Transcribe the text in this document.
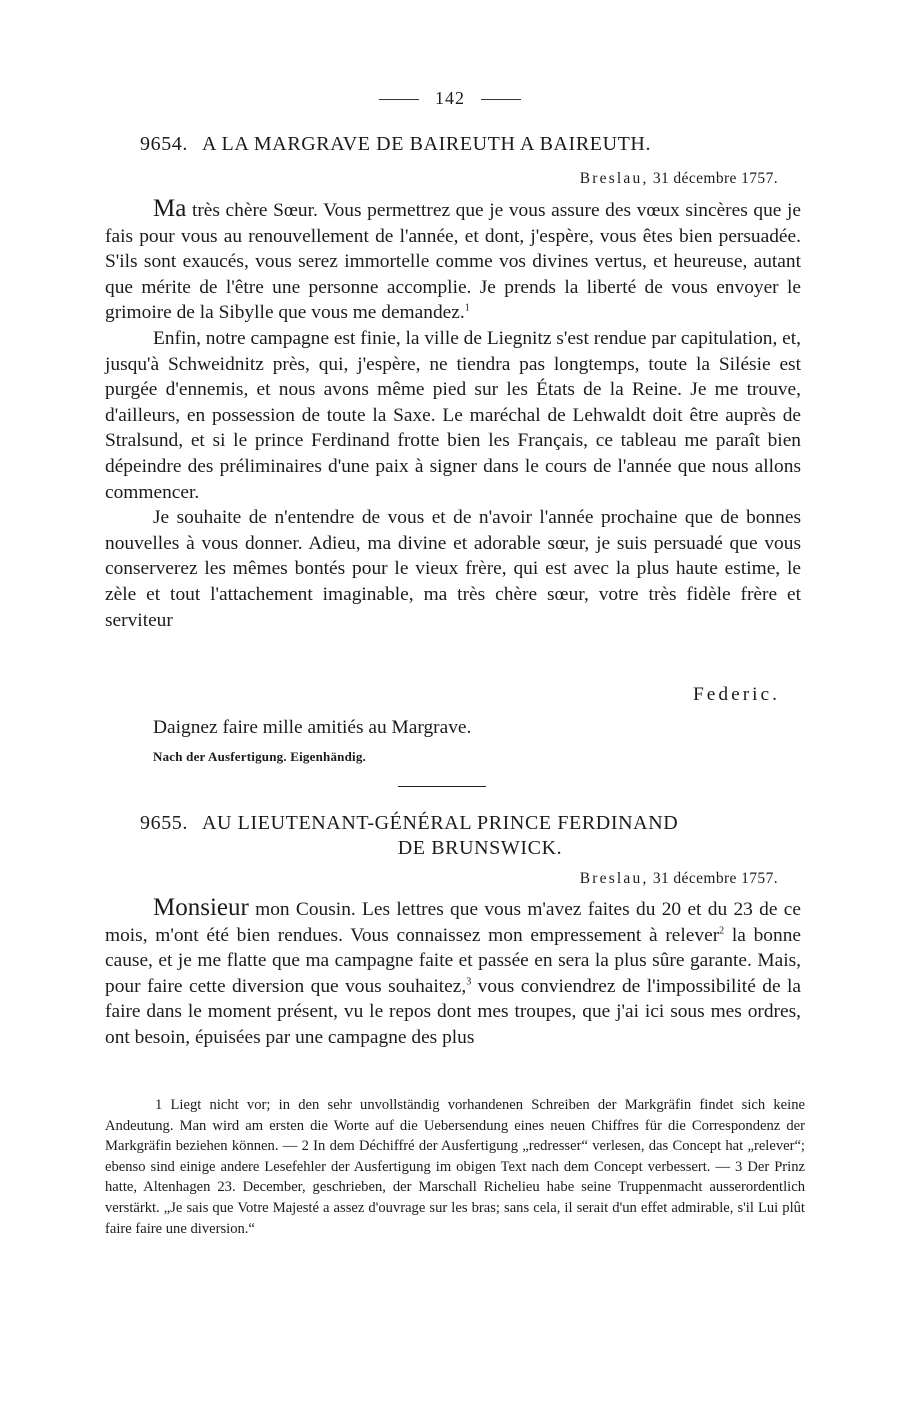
142
9654. A LA MARGRAVE DE BAIREUTH A BAIREUTH.
Breslau, 31 décembre 1757.

Ma très chère Sœur. Vous permettrez que je vous assure des vœux sincères que je fais pour vous au renouvellement de l'année, et dont, j'espère, vous êtes bien persuadée. S'ils sont exaucés, vous serez immortelle comme vos divines vertus, et heureuse, autant que mérite de l'être une personne accomplie. Je prends la liberté de vous envoyer le grimoire de la Sibylle que vous me demandez.$^1$

Enfin, notre campagne est finie, la ville de Liegnitz s'est rendue par capitulation, et, jusqu'à Schweidnitz près, qui, j'espère, ne tiendra pas longtemps, toute la Silésie est purgée d'ennemis, et nous avons même pied sur les États de la Reine. Je me trouve, d'ailleurs, en possession de toute la Saxe. Le maréchal de Lehwaldt doit être auprès de Stralsund, et si le prince Ferdinand frotte bien les Français, ce tableau me paraît bien dépeindre des préliminaires d'une paix à signer dans le cours de l'année que nous allons commencer.

Je souhaite de n'entendre de vous et de n'avoir l'année prochaine que de bonnes nouvelles à vous donner. Adieu, ma divine et adorable sœur, je suis persuadé que vous conserverez les mêmes bontés pour le vieux frère, qui est avec la plus haute estime, le zèle et tout l'attachement imaginable, ma très chère sœur, votre très fidèle frère et serviteur

Federic.
Daignez faire mille amitiés au Margrave.
Nach der Ausfertigung. Eigenhändig.
9655. AU LIEUTENANT-GÉNÉRAL PRINCE FERDINAND
DE BRUNSWICK.
Breslau, 31 décembre 1757.

Monsieur mon Cousin. Les lettres que vous m'avez faites du 20 et du 23 de ce mois, m'ont été bien rendues. Vous connaissez mon empressement à relever$^2$ la bonne cause, et je me flatte que ma campagne faite et passée en sera la plus sûre garante. Mais, pour faire cette diversion que vous souhaitez,$^3$ vous conviendrez de l'impossibilité de la faire dans le moment présent, vu le repos dont mes troupes, que j'ai ici sous mes ordres, ont besoin, épuisées par une campagne des plus

1 Liegt nicht vor; in den sehr unvollständig vorhandenen Schreiben der Markgräfin findet sich keine Andeutung. Man wird am ersten die Worte auf die Uebersendung eines neuen Chiffres für die Correspondenz der Markgräfin beziehen können. — 2 In dem Déchiffré der Ausfertigung „redresser“ verlesen, das Concept hat „relever“; ebenso sind einige andere Lesefehler der Ausfertigung im obigen Text nach dem Concept verbessert. — 3 Der Prinz hatte, Altenhagen 23. December, geschrieben, der Marschall Richelieu habe seine Truppenmacht ausserordentlich verstärkt. „Je sais que Votre Majesté a assez d'ouvrage sur les bras; sans cela, il serait d'un effet admirable, s'il Lui plût faire faire une diversion.“
